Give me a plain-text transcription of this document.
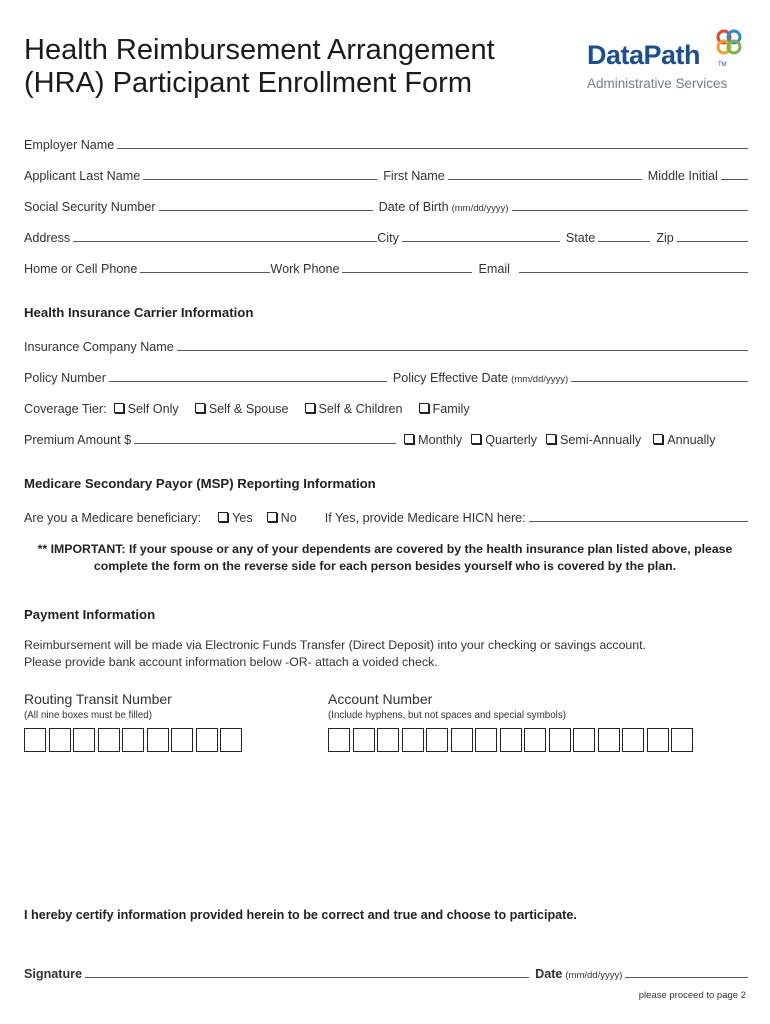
Health Reimbursement Arrangement
(HRA) Participant Enrollment Form
DataPath	TM
Administrative Services
Employer Name
Applicant Last Name	First Name	Middle Initial
Social Security Number	Date of Birth (mm/dd/yyyy)
Address	City	State	Zip
Home or Cell Phone	Work Phone	Email
Health Insurance Carrier Information
Insurance Company Name
Policy Number	Policy Effective Date (mm/dd/yyyy)
Coverage Tier: Self Only Self & Spouse Self & Children Family
Premium Amount $	Monthly Quarterly Semi-Annually Annually
Medicare Secondary Payor (MSP) Reporting Information
Are you a Medicare beneficiary: Yes No If Yes, provide Medicare HICN here:
** IMPORTANT: If your spouse or any of your dependents are covered by the health insurance plan listed above, please complete the form on the reverse side for each person besides yourself who is covered by the plan.
Payment Information
Reimbursement will be made via Electronic Funds Transfer (Direct Deposit) into your checking or savings account.
Please provide bank account information below -OR- attach a voided check.
Routing Transit Number
(All nine boxes must be filled)
Account Number
(Include hyphens, but not spaces and special symbols)
I hereby certify information provided herein to be correct and true and choose to participate.
Signature	Date (mm/dd/yyyy)
please proceed to page 2
